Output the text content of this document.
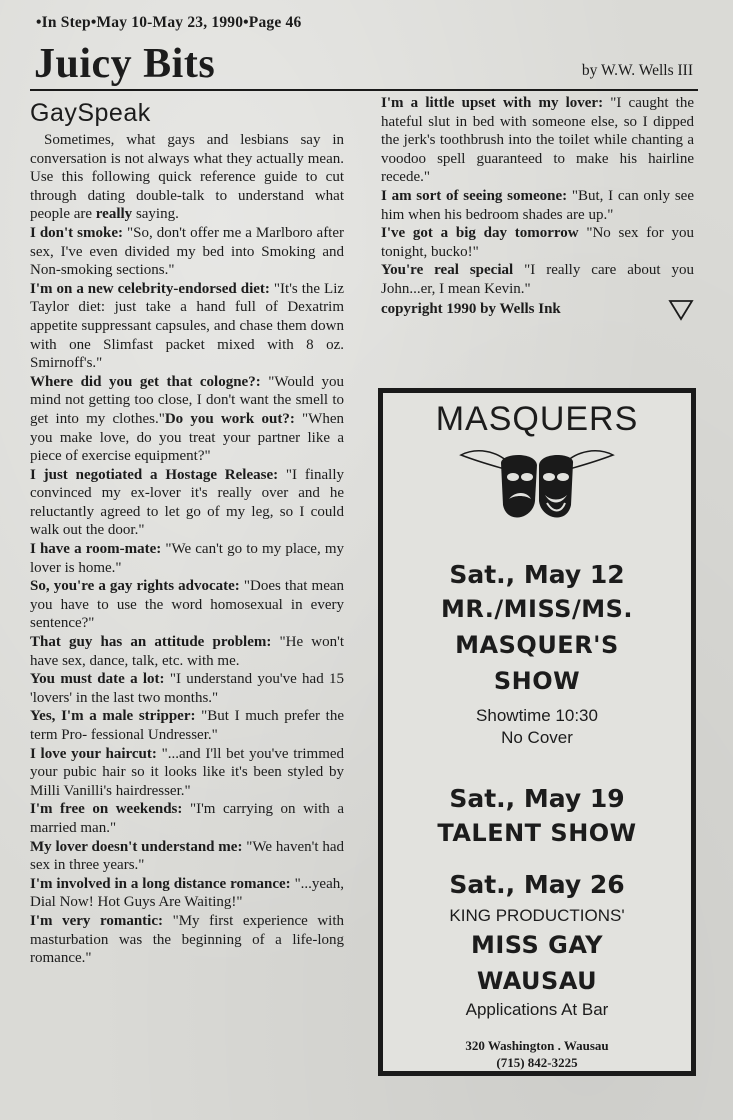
•In Step•May 10-May 23, 1990•Page 46
Juicy Bits	by W.W. Wells III
GaySpeak

Sometimes, what gays and lesbians say in conversation is not always what they actually mean. Use this following quick reference guide to cut through dating double-talk to understand what people are really saying.

I don't smoke: "So, don't offer me a Marlboro after sex, I've even divided my bed into Smoking and Non-smoking sections."

I'm on a new celebrity-endorsed diet: "It's the Liz Taylor diet: just take a hand full of Dexatrim appetite suppressant capsules, and chase them down with one Slimfast packet mixed with 8 oz. Smirnoff's."

Where did you get that cologne?: "Would you mind not getting too close, I don't want the smell to get into my clothes."Do you work out?: "When you make love, do you treat your partner like a piece of exercise equipment?"

I just negotiated a Hostage Release: "I finally convinced my ex-lover it's really over and he reluctantly agreed to let go of my leg, so I could walk out the door."

I have a room-mate: "We can't go to my place, my lover is home."

So, you're a gay rights advocate: "Does that mean you have to use the word homosexual in every sentence?"

That guy has an attitude problem: "He won't have sex, dance, talk, etc. with me.

You must date a lot: "I understand you've had 15 'lovers' in the last two months."

Yes, I'm a male stripper: "But I much prefer the term Pro- fessional Undresser."

I love your haircut: "...and I'll bet you've trimmed your pubic hair so it looks like it's been styled by Milli Vanilli's hairdresser."

I'm free on weekends: "I'm carrying on with a married man."

My lover doesn't understand me: "We haven't had sex in three years."

I'm involved in a long distance romance: "...yeah, Dial Now! Hot Guys Are Waiting!"

I'm very romantic: "My first experience with masturbation was the beginning of a life-long romance."

I'm a little upset with my lover: "I caught the hateful slut in bed with someone else, so I dipped the jerk's toothbrush into the toilet while chanting a voodoo spell guaranteed to make his hairline recede."

I am sort of seeing someone: "But, I can only see him when his bedroom shades are up."

I've got a big day tomorrow "No sex for you tonight, bucko!"

You're real special "I really care about you John...er, I mean Kevin."

copyright 1990 by Wells Ink
MASQUERS
Sat., May 12
MR./MISS/MS.
MASQUER'S
SHOW
Showtime 10:30
No Cover
Sat., May 19
TALENT SHOW
Sat., May 26
KING PRODUCTIONS'
MISS GAY
WAUSAU
Applications At Bar
320 Washington . Wausau
(715) 842-3225
